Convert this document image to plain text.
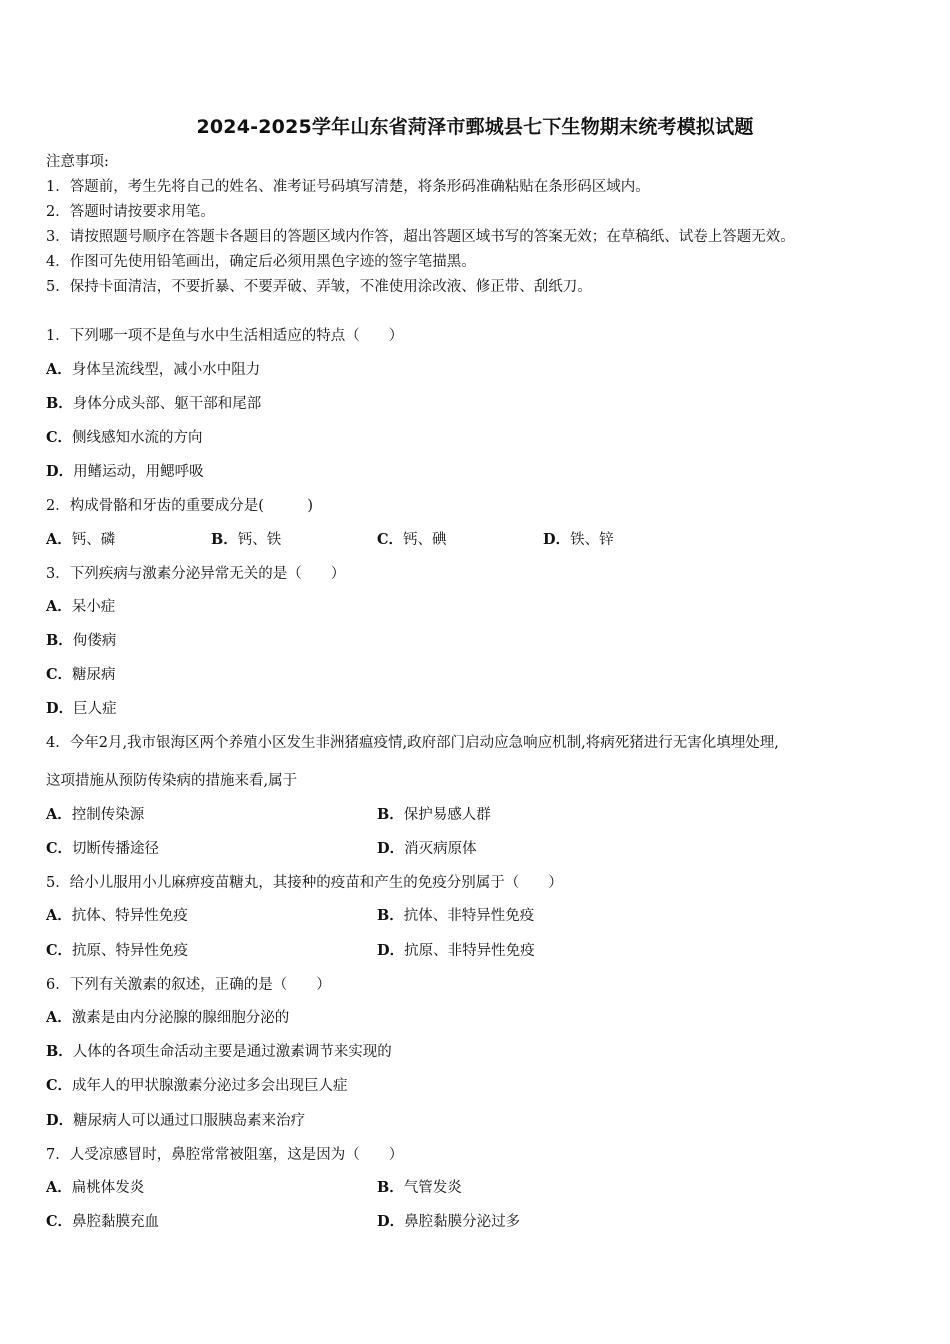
2024-2025学年山东省菏泽市鄄城县七下生物期末统考模拟试题
注意事项:
1．答题前，考生先将自己的姓名、准考证号码填写清楚，将条形码准确粘贴在条形码区域内。
2．答题时请按要求用笔。
3．请按照题号顺序在答题卡各题目的答题区域内作答，超出答题区域书写的答案无效；在草稿纸、试卷上答题无效。
4．作图可先使用铅笔画出，确定后必须用黑色字迹的签字笔描黑。
5．保持卡面清洁，不要折暴、不要弄破、弄皱，不准使用涂改液、修正带、刮纸刀。
1．下列哪一项不是鱼与水中生活相适应的特点（　　）
A．身体呈流线型，减小水中阻力
B．身体分成头部、躯干部和尾部
C．侧线感知水流的方向
D．用鳍运动，用鳃呼吸
2．构成骨骼和牙齿的重要成分是(　　　)
A．钙、磷	B．钙、铁	C．钙、碘	D．铁、锌
3．下列疾病与激素分泌异常无关的是（　　）
A．呆小症
B．佝偻病
C．糖尿病
D．巨人症
4．今年2月,我市银海区两个养殖小区发生非洲猪瘟疫情,政府部门启动应急响应机制,将病死猪进行无害化填埋处理,
这项措施从预防传染病的措施来看,属于
A．控制传染源	B．保护易感人群
C．切断传播途径	D．消灭病原体
5．给小儿服用小儿麻痹疫苗糖丸，其接种的疫苗和产生的免疫分别属于（　　）
A．抗体、特异性免疫	B．抗体、非特异性免疫
C．抗原、特异性免疫	D．抗原、非特异性免疫
6．下列有关激素的叙述，正确的是（　　）
A．激素是由内分泌腺的腺细胞分泌的
B．人体的各项生命活动主要是通过激素调节来实现的
C．成年人的甲状腺激素分泌过多会出现巨人症
D．糖尿病人可以通过口服胰岛素来治疗
7．人受凉感冒时，鼻腔常常被阻塞，这是因为（　　）
A．扁桃体发炎	B．气管发炎
C．鼻腔黏膜充血	D．鼻腔黏膜分泌过多
